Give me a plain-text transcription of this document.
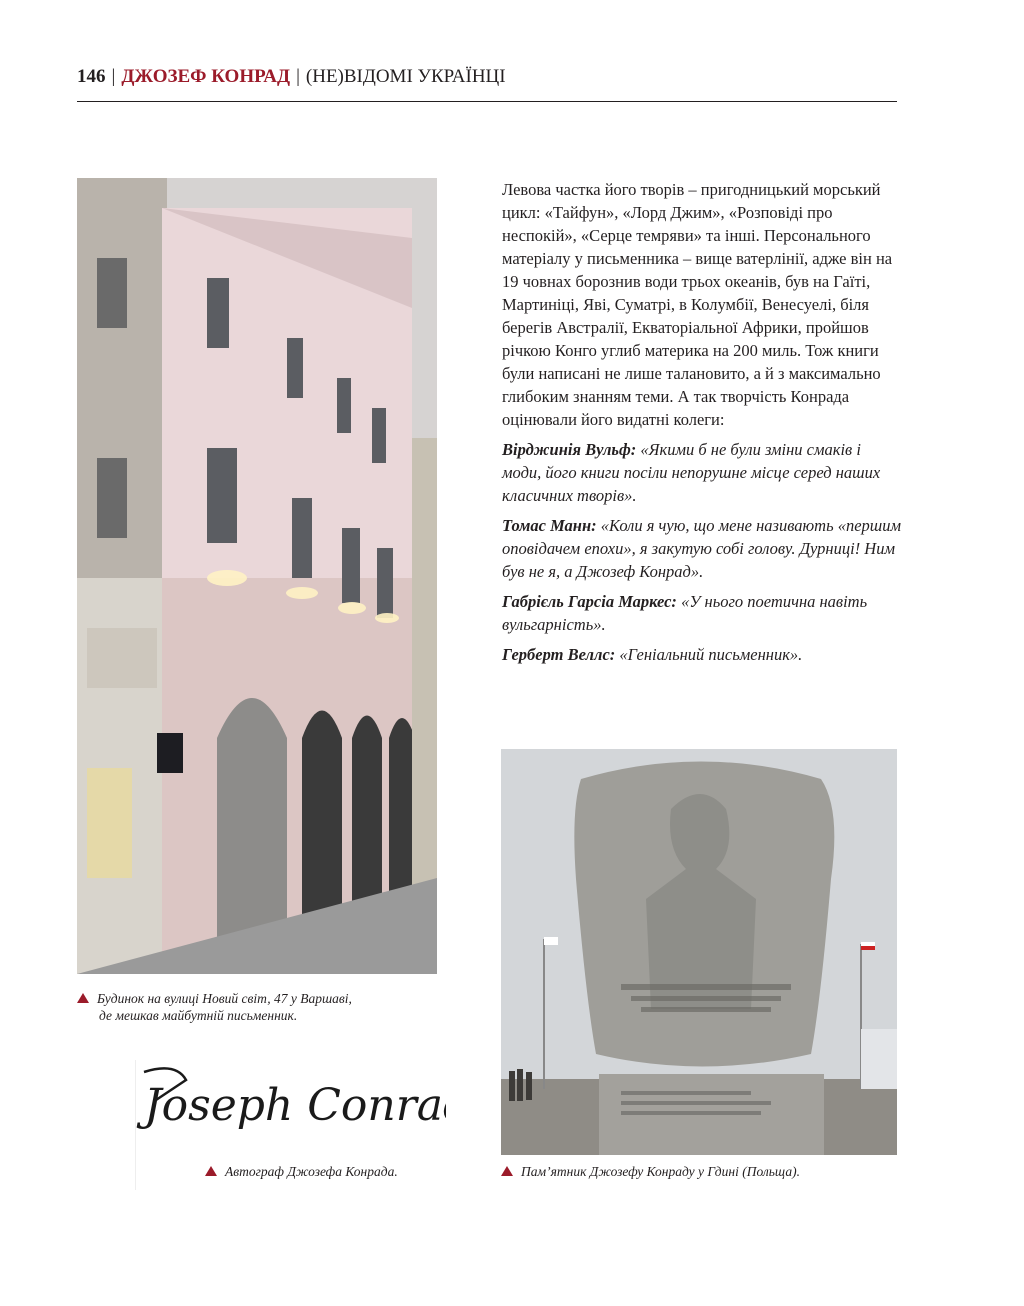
146 | ДЖОЗЕФ КОНРАД | (НЕ)ВІДОМІ УКРАЇНЦІ

Левова частка його творів – пригодницький морський цикл: «Тайфун», «Лорд Джим», «Розповіді про неспокій», «Серце темряви» та інші. Персонального матеріалу у письменника – вище ватерлінії, адже він на 19 човнах борознив води трьох океанів, був на Гаїті, Мартиніці, Яві, Суматрі, в Колумбії, Венесуелі, біля берегів Австралії, Екваторіальної Африки, пройшов річкою Конго углиб материка на 200 миль. Тож книги були написані не лише талановито, а й з максимально глибоким знанням теми. А так творчість Конрада оцінювали його видатні колеги:

Вірджинія Вульф: «Якими б не були зміни смаків і моди, його книги посіли непорушне місце серед наших класичних творів».

Томас Манн: «Коли я чую, що мене називають «першим оповідачем епохи», я закутую собі голову. Дурниці! Ним був не я, а Джозеф Конрад».

Габрієль Гарсіа Маркес: «У нього поетична навіть вульгарність».

Герберт Веллс: «Геніальний письменник».

Joseph Conrad
Будинок на вулиці Новий світ, 47 у Варшаві,
де мешкав майбутній письменник.
Автограф Джозефа Конрада.	Пам’ятник Джозефу Конраду у Гдині (Польща).
